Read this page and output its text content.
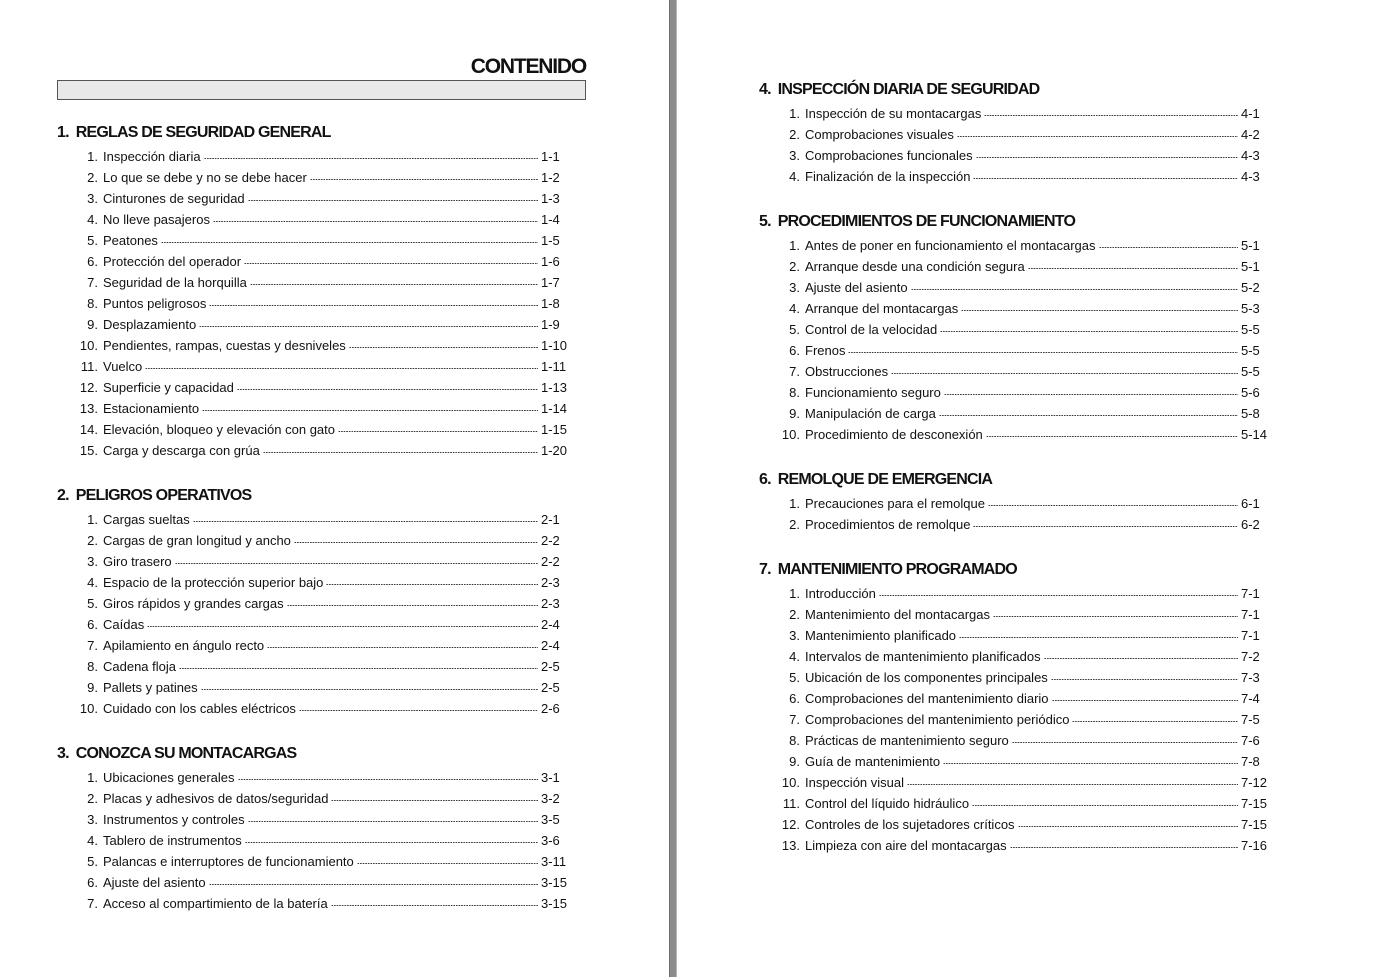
CONTENIDO
1. REGLAS DE SEGURIDAD GENERAL
1. Inspección diaria	1-1
2. Lo que se debe y no se debe hacer	1-2
3. Cinturones de seguridad	1-3
4. No lleve pasajeros	1-4
5. Peatones	1-5
6. Protección del operador	1-6
7. Seguridad de la horquilla	1-7
8. Puntos peligrosos	1-8
9. Desplazamiento	1-9
10. Pendientes, rampas, cuestas y desniveles	1-10
11. Vuelco	1-11
12. Superficie y capacidad	1-13
13. Estacionamiento	1-14
14. Elevación, bloqueo y elevación con gato	1-15
15. Carga y descarga con grúa	1-20
2. PELIGROS OPERATIVOS
1. Cargas sueltas	2-1
2. Cargas de gran longitud y ancho	2-2
3. Giro trasero	2-2
4. Espacio de la protección superior bajo	2-3
5. Giros rápidos y grandes cargas	2-3
6. Caídas	2-4
7. Apilamiento en ángulo recto	2-4
8. Cadena floja	2-5
9. Pallets y patines	2-5
10. Cuidado con los cables eléctricos	2-6
3. CONOZCA SU MONTACARGAS
1. Ubicaciones generales	3-1
2. Placas y adhesivos de datos/seguridad	3-2
3. Instrumentos y controles	3-5
4. Tablero de instrumentos	3-6
5. Palancas e interruptores de funcionamiento	3-11
6. Ajuste del asiento	3-15
7. Acceso al compartimiento de la batería	3-15
4. INSPECCIÓN DIARIA DE SEGURIDAD
1. Inspección de su montacargas	4-1
2. Comprobaciones visuales	4-2
3. Comprobaciones funcionales	4-3
4. Finalización de la inspección	4-3
5. PROCEDIMIENTOS DE FUNCIONAMIENTO
1. Antes de poner en funcionamiento el montacargas	5-1
2. Arranque desde una condición segura	5-1
3. Ajuste del asiento	5-2
4. Arranque del montacargas	5-3
5. Control de la velocidad	5-5
6. Frenos	5-5
7. Obstrucciones	5-5
8. Funcionamiento seguro	5-6
9. Manipulación de carga	5-8
10. Procedimiento de desconexión	5-14
6. REMOLQUE DE EMERGENCIA
1. Precauciones para el remolque	6-1
2. Procedimientos de remolque	6-2
7. MANTENIMIENTO PROGRAMADO
1. Introducción	7-1
2. Mantenimiento del montacargas	7-1
3. Mantenimiento planificado	7-1
4. Intervalos de mantenimiento planificados	7-2
5. Ubicación de los componentes principales	7-3
6. Comprobaciones del mantenimiento diario	7-4
7. Comprobaciones del mantenimiento periódico	7-5
8. Prácticas de mantenimiento seguro	7-6
9. Guía de mantenimiento	7-8
10. Inspección visual	7-12
11. Control del líquido hidráulico	7-15
12. Controles de los sujetadores críticos	7-15
13. Limpieza con aire del montacargas	7-16
